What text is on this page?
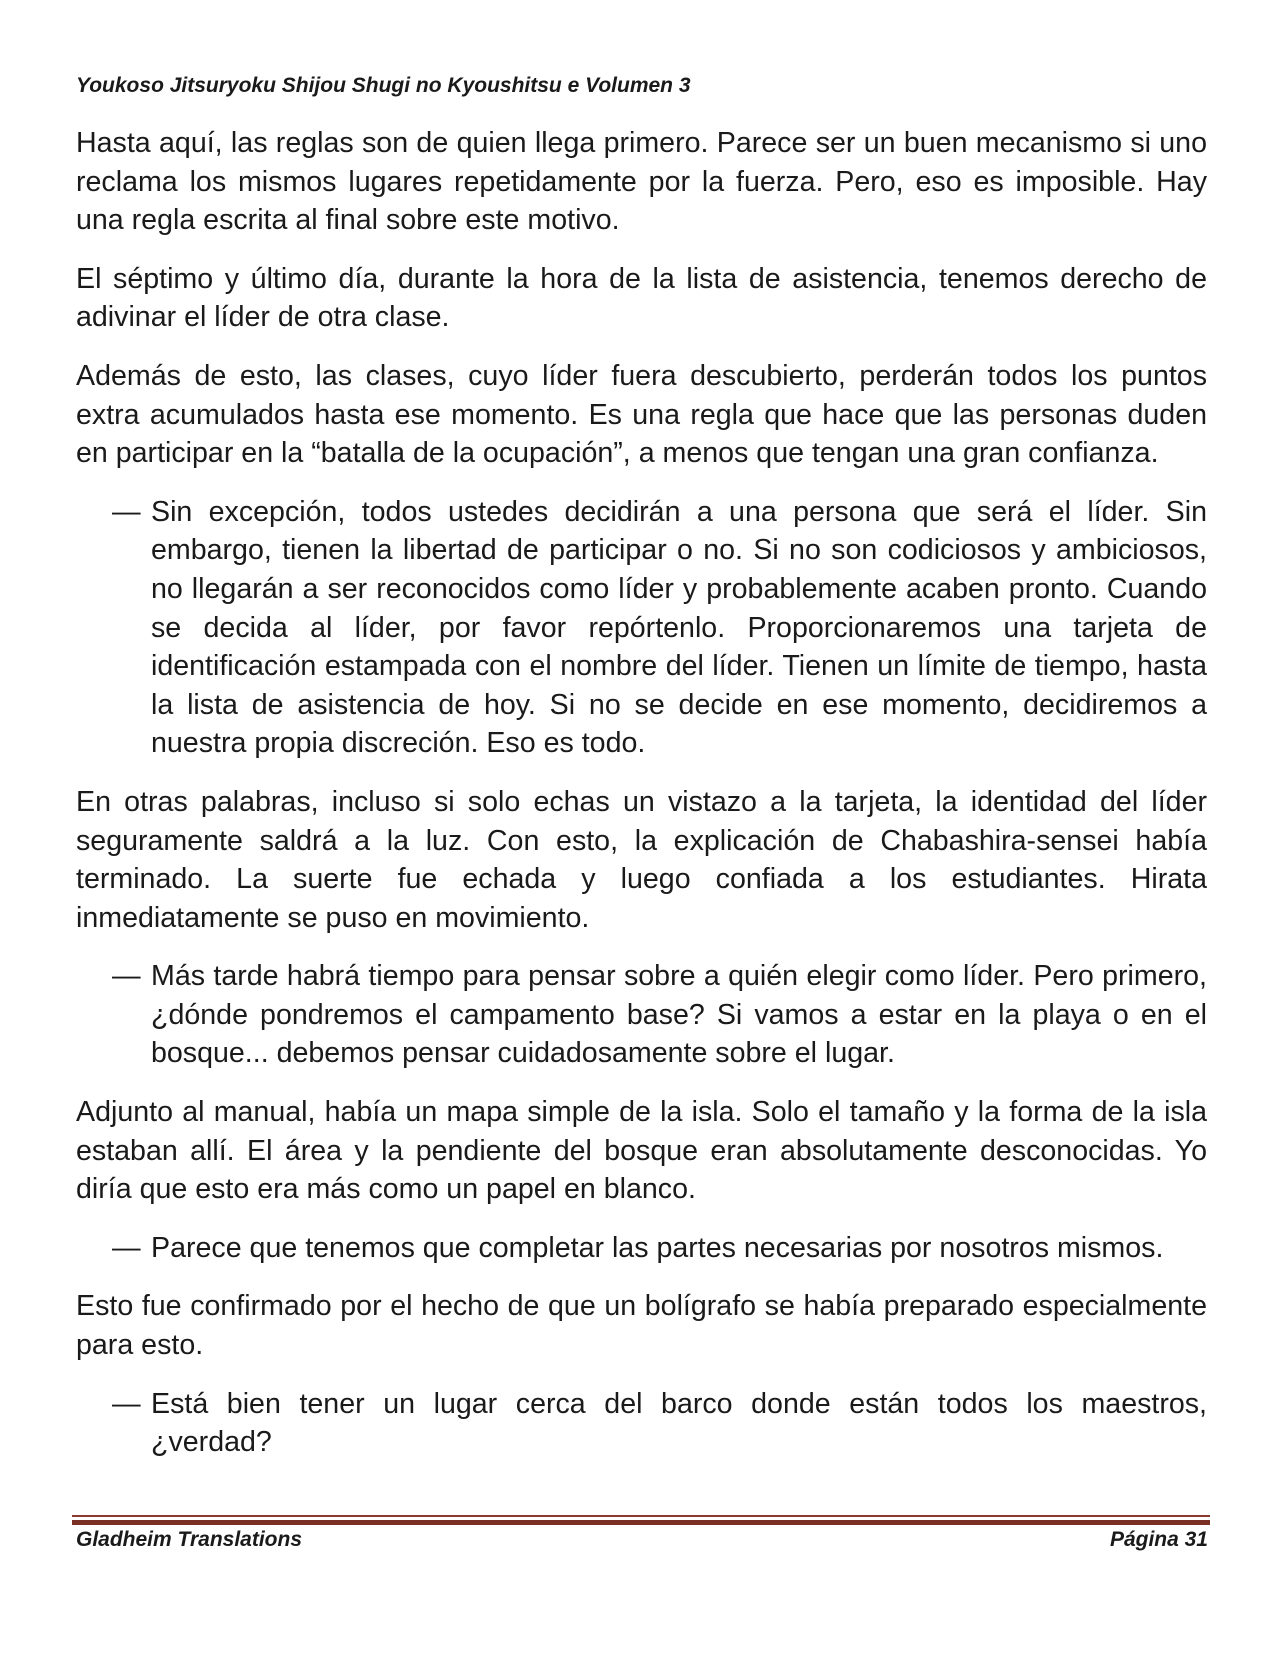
Youkoso Jitsuryoku Shijou Shugi no Kyoushitsu e Volumen 3

Hasta aquí, las reglas son de quien llega primero. Parece ser un buen mecanismo si uno reclama los mismos lugares repetidamente por la fuerza. Pero, eso es imposible. Hay una regla escrita al final sobre este motivo.

El séptimo y último día, durante la hora de la lista de asistencia, tenemos derecho de adivinar el líder de otra clase.

Además de esto, las clases, cuyo líder fuera descubierto, perderán todos los puntos extra acumulados hasta ese momento. Es una regla que hace que las personas duden en participar en la “batalla de la ocupación”, a menos que tengan una gran confianza.

— Sin excepción, todos ustedes decidirán a una persona que será el líder. Sin embargo, tienen la libertad de participar o no. Si no son codiciosos y ambiciosos, no llegarán a ser reconocidos como líder y probablemente acaben pronto. Cuando se decida al líder, por favor repórtenlo. Proporcionaremos una tarjeta de identificación estampada con el nombre del líder. Tienen un límite de tiempo, hasta la lista de asistencia de hoy. Si no se decide en ese momento, decidiremos a nuestra propia discreción. Eso es todo.

En otras palabras, incluso si solo echas un vistazo a la tarjeta, la identidad del líder seguramente saldrá a la luz. Con esto, la explicación de Chabashira-sensei había terminado. La suerte fue echada y luego confiada a los estudiantes. Hirata inmediatamente se puso en movimiento.

— Más tarde habrá tiempo para pensar sobre a quién elegir como líder. Pero primero, ¿dónde pondremos el campamento base? Si vamos a estar en la playa o en el bosque... debemos pensar cuidadosamente sobre el lugar.

Adjunto al manual, había un mapa simple de la isla. Solo el tamaño y la forma de la isla estaban allí. El área y la pendiente del bosque eran absolutamente desconocidas. Yo diría que esto era más como un papel en blanco.

— Parece que tenemos que completar las partes necesarias por nosotros mismos.

Esto fue confirmado por el hecho de que un bolígrafo se había preparado especialmente para esto.

— Está bien tener un lugar cerca del barco donde están todos los maestros, ¿verdad?
Gladheim Translations	Página 31
